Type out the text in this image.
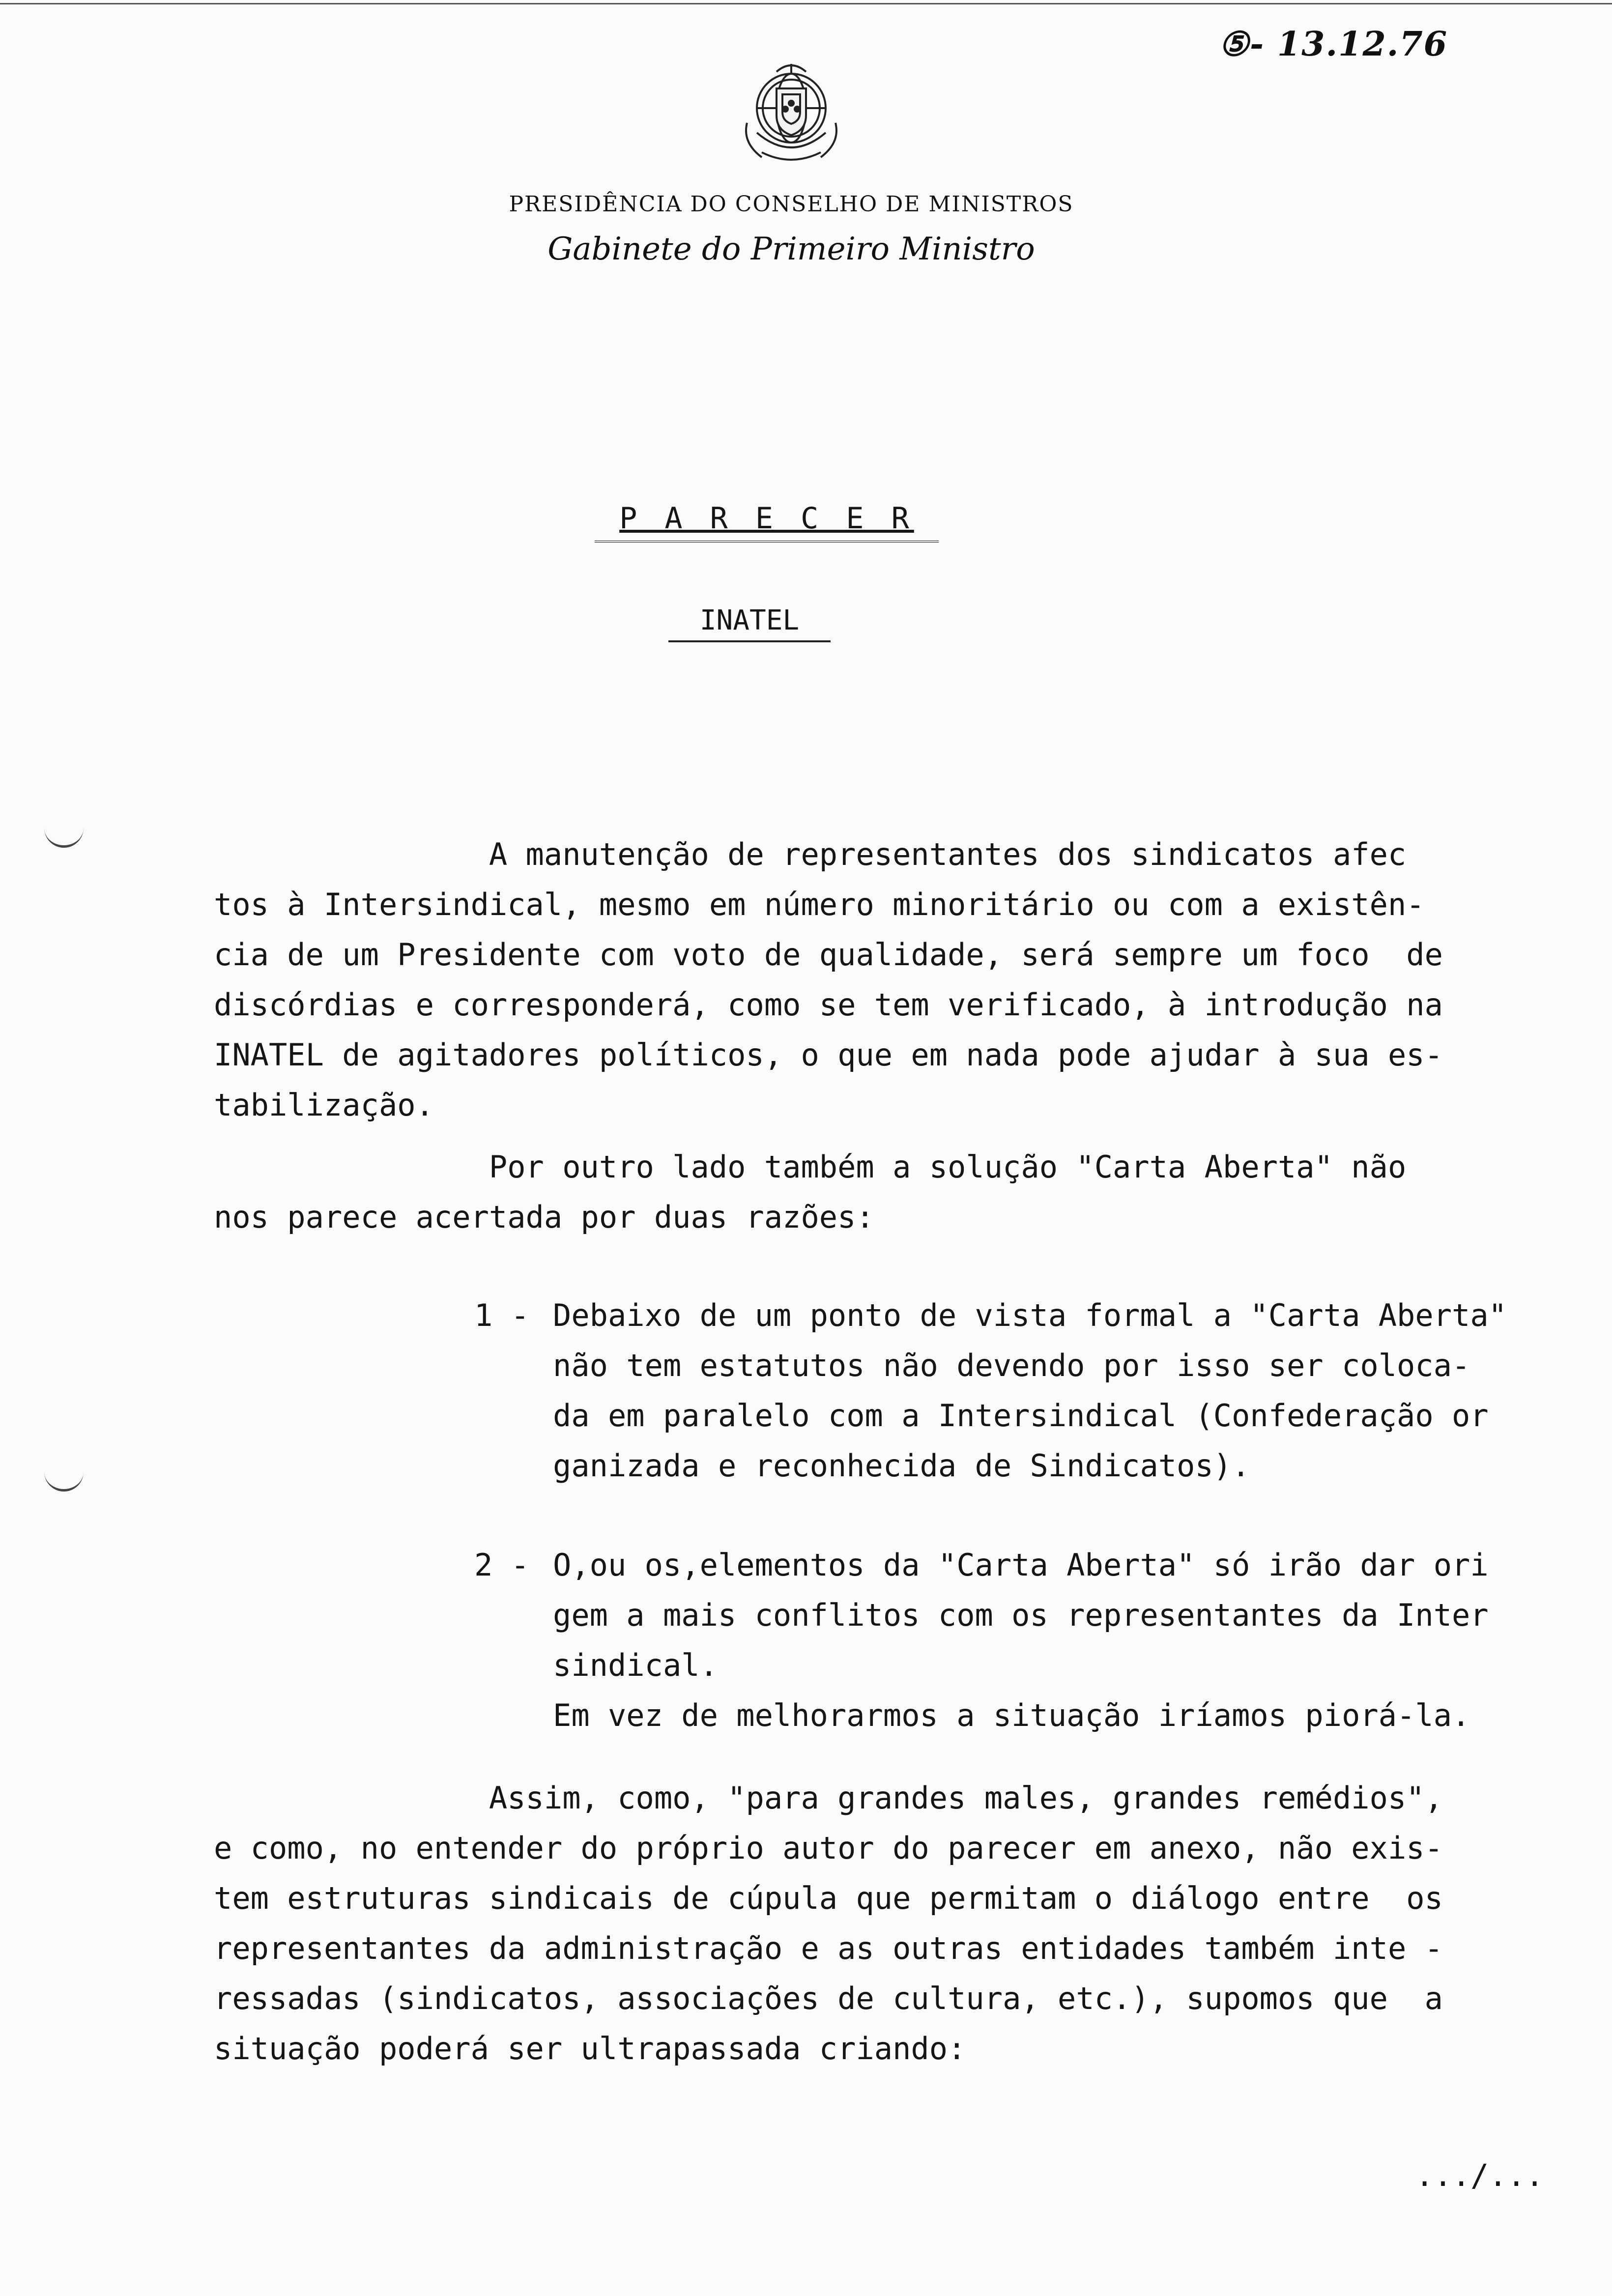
⑤- 13.12.76
PRESIDÊNCIA DO CONSELHO DE MINISTROS
Gabinete do Primeiro Ministro
P A R E C E R
INATEL
A manutenção de representantes dos sindicatos afec
tos à Intersindical, mesmo em número minoritário ou com a existên-
cia de um Presidente com voto de qualidade, será sempre um foco  de
discórdias e corresponderá, como se tem verificado, à introdução na
INATEL de agitadores políticos, o que em nada pode ajudar à sua es-
tabilização.
Por outro lado também a solução "Carta Aberta" não
nos parece acertada por duas razões:
1 - Debaixo de um ponto de vista formal a "Carta Aberta"
não tem estatutos não devendo por isso ser coloca-
da em paralelo com a Intersindical (Confederação or
ganizada e reconhecida de Sindicatos).
2 - O,ou os,elementos da "Carta Aberta" só irão dar ori
gem a mais conflitos com os representantes da Inter
sindical.
Em vez de melhorarmos a situação iríamos piorá-la.
Assim, como, "para grandes males, grandes remédios",
e como, no entender do próprio autor do parecer em anexo, não exis-
tem estruturas sindicais de cúpula que permitam o diálogo entre  os
representantes da administração e as outras entidades também inte -
ressadas (sindicatos, associações de cultura, etc.), supomos que  a
situação poderá ser ultrapassada criando:
.../...
